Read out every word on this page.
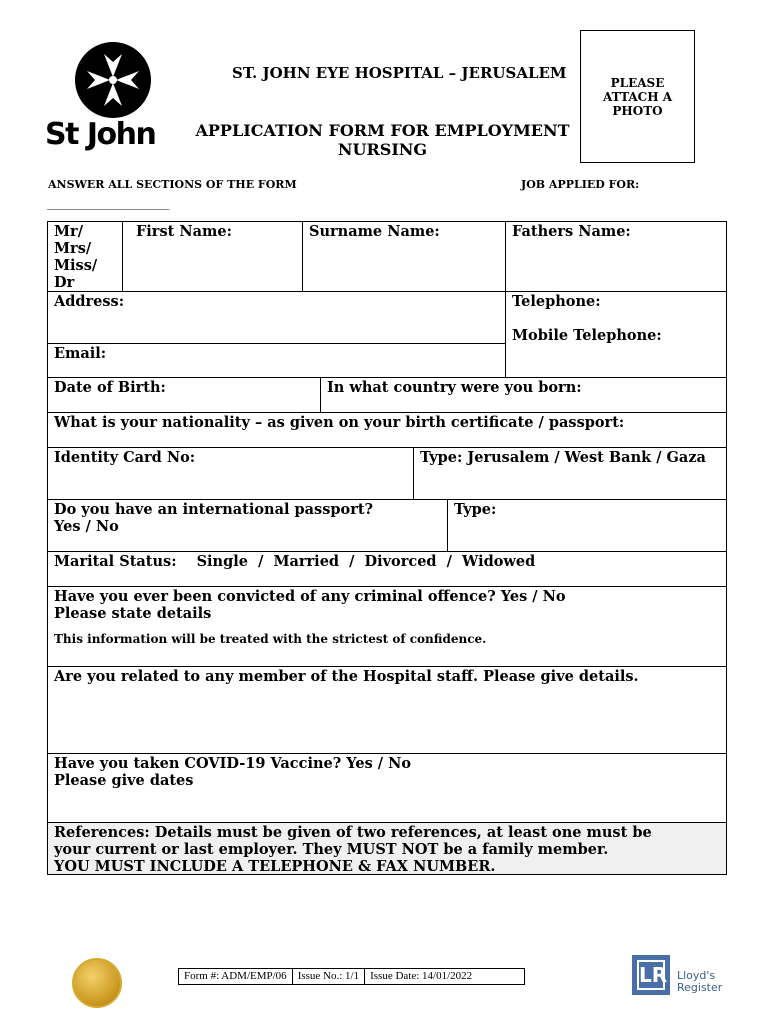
St John
ST. JOHN EYE HOSPITAL – JERUSALEM
APPLICATION FORM FOR EMPLOYMENT
NURSING
PLEASE ATTACH A PHOTO
ANSWER ALL SECTIONS OF THE FORM	JOB APPLIED FOR:
___________________________
Mr/ Mrs/ Miss/ Dr
First Name:	Surname Name:	Fathers Name:
Address:	Telephone:
Mobile Telephone:
Email:
Date of Birth:	In what country were you born:
What is your nationality – as given on your birth certificate / passport:
Identity Card No:	Type: Jerusalem / West Bank / Gaza
Do you have an international passport?
Yes / No
Type:
Marital Status: Single  /  Married  /  Divorced  /  Widowed
Have you ever been convicted of any criminal offence? Yes / No
Please state details
This information will be treated with the strictest of confidence.
Are you related to any member of the Hospital staff. Please give details.
Have you taken COVID-19 Vaccine? Yes / No
Please give dates
References: Details must be given of two references, at least one must be
your current or last employer. They MUST NOT be a family member.
YOU MUST INCLUDE A TELEPHONE & FAX NUMBER.
Form #: ADM/EMP/06	Issue No.: 1/1	Issue Date: 14/01/2022	LR Lloyd's
Register
